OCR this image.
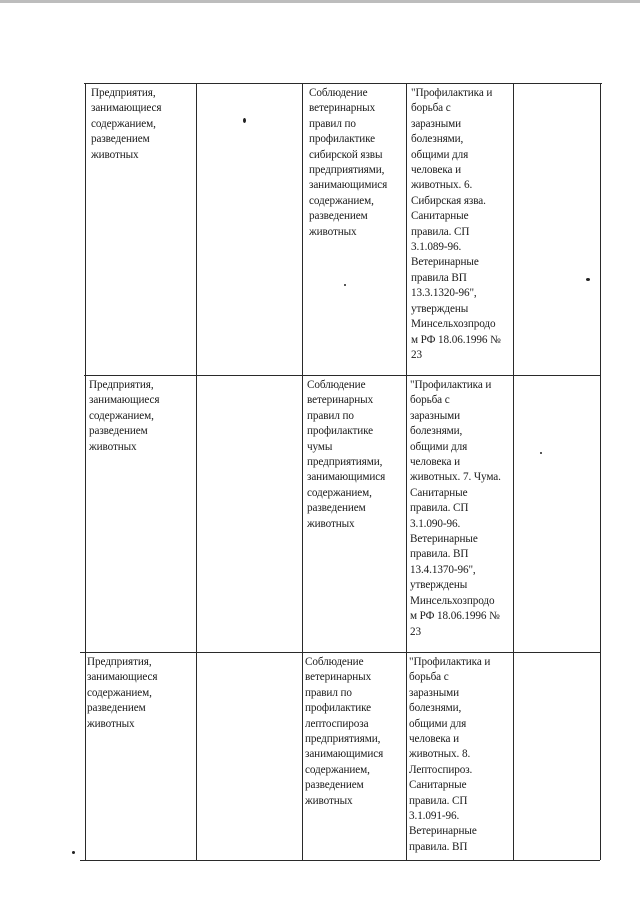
Предприятия,
занимающиеся
содержанием,
разведением
животных
Соблюдение
ветеринарных
правил по
профилактике
сибирской язвы
предприятиями,
занимающимися
содержанием,
разведением
животных
"Профилактика и
борьба с
заразными
болезнями,
общими для
человека и
животных. 6.
Сибирская язва.
Санитарные
правила. СП
3.1.089-96.
Ветеринарные
правила ВП
13.3.1320-96",
утверждены
Минсельхозпродо
м РФ 18.06.1996 №
23
Предприятия,
занимающиеся
содержанием,
разведением
животных
Соблюдение
ветеринарных
правил по
профилактике
чумы
предприятиями,
занимающимися
содержанием,
разведением
животных
"Профилактика и
борьба с
заразными
болезнями,
общими для
человека и
животных. 7. Чума.
Санитарные
правила. СП
3.1.090-96.
Ветеринарные
правила. ВП
13.4.1370-96",
утверждены
Минсельхозпродо
м РФ 18.06.1996 №
23
Предприятия,
занимающиеся
содержанием,
разведением
животных
Соблюдение
ветеринарных
правил по
профилактике
лептоспироза
предприятиями,
занимающимися
содержанием,
разведением
животных
"Профилактика и
борьба с
заразными
болезнями,
общими для
человека и
животных. 8.
Лептоспироз.
Санитарные
правила. СП
3.1.091-96.
Ветеринарные
правила. ВП
